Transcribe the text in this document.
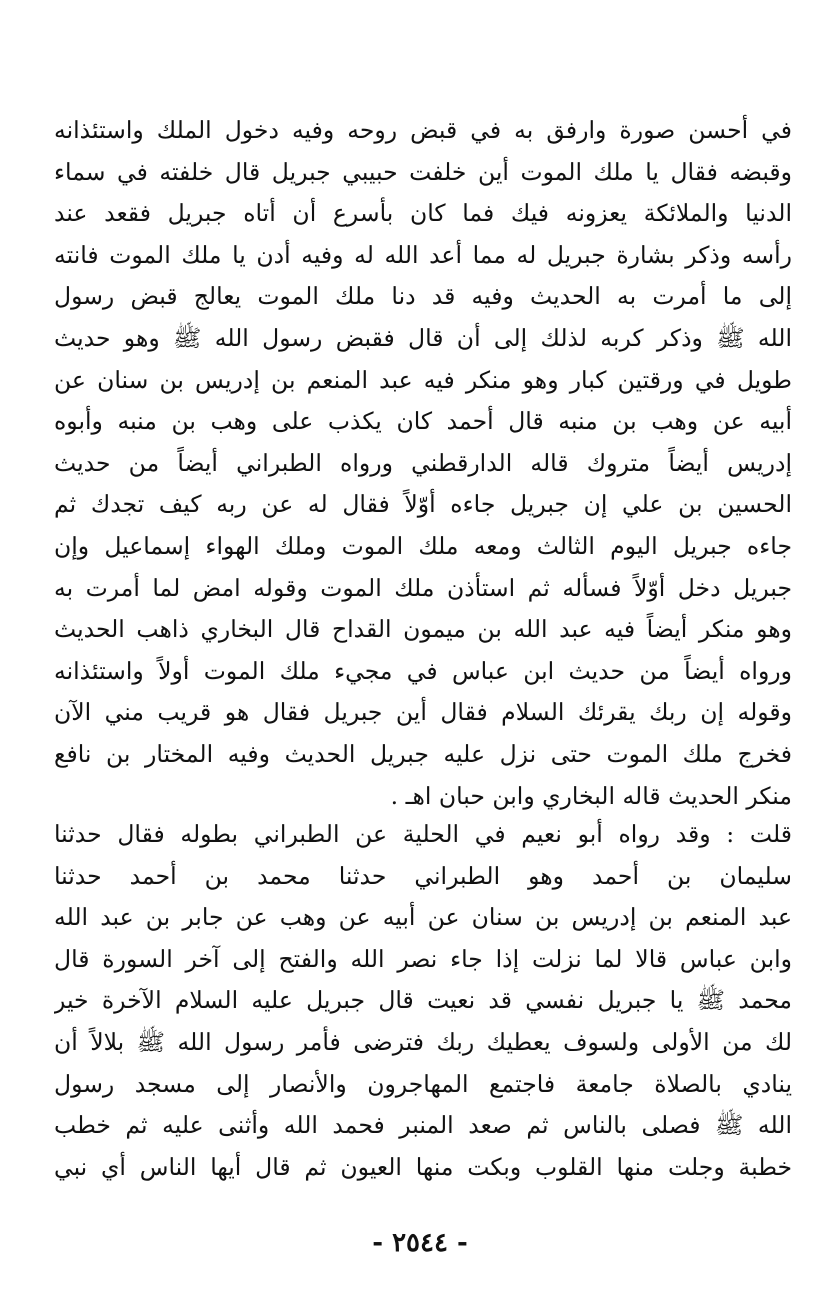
في أحسن صورة وارفق به في قبض روحه وفيه دخول الملك واستئذانه
وقبضه فقال يا ملك الموت أين خلفت حبيبي جبريل قال خلفته في سماء
الدنيا والملائكة يعزونه فيك فما كان بأسرع أن أتاه جبريل فقعد عند
رأسه وذكر بشارة جبريل له مما أعد الله له وفيه أدن يا ملك الموت فانته
إلى ما أمرت به الحديث وفيه قد دنا ملك الموت يعالج قبض رسول
الله ﷺ وذكر كربه لذلك إلى أن قال فقبض رسول الله ﷺ وهو حديث
طويل في ورقتين كبار وهو منكر فيه عبد المنعم بن إدريس بن سنان عن
أبيه عن وهب بن منبه قال أحمد كان يكذب على وهب بن منبه وأبوه
إدريس أيضاً متروك قاله الدارقطني ورواه الطبراني أيضاً من حديث
الحسين بن علي إن جبريل جاءه أوّلاً فقال له عن ربه كيف تجدك ثم
جاءه جبريل اليوم الثالث ومعه ملك الموت وملك الهواء إسماعيل وإن
جبريل دخل أوّلاً فسأله ثم استأذن ملك الموت وقوله امض لما أمرت به
وهو منكر أيضاً فيه عبد الله بن ميمون القداح قال البخاري ذاهب الحديث
ورواه أيضاً من حديث ابن عباس في مجيء ملك الموت أولاً واستئذانه
وقوله إن ربك يقرئك السلام فقال أين جبريل فقال هو قريب مني الآن
فخرج ملك الموت حتى نزل عليه جبريل الحديث وفيه المختار بن نافع
منكر الحديث قاله البخاري وابن حبان اهـ .
قلت : وقد رواه أبو نعيم في الحلية عن الطبراني بطوله فقال حدثنا
سليمان بن أحمد وهو الطبراني حدثنا محمد بن أحمد حدثنا
عبد المنعم بن إدريس بن سنان عن أبيه عن وهب عن جابر بن عبد الله
وابن عباس قالا لما نزلت إذا جاء نصر الله والفتح إلى آخر السورة قال
محمد ﷺ يا جبريل نفسي قد نعيت قال جبريل عليه السلام الآخرة خير
لك من الأولى ولسوف يعطيك ربك فترضى فأمر رسول الله ﷺ بلالاً أن
ينادي بالصلاة جامعة فاجتمع المهاجرون والأنصار إلى مسجد رسول
الله ﷺ فصلى بالناس ثم صعد المنبر فحمد الله وأثنى عليه ثم خطب
خطبة وجلت منها القلوب وبكت منها العيون ثم قال أيها الناس أي نبي
- ٢٥٤٤ -
